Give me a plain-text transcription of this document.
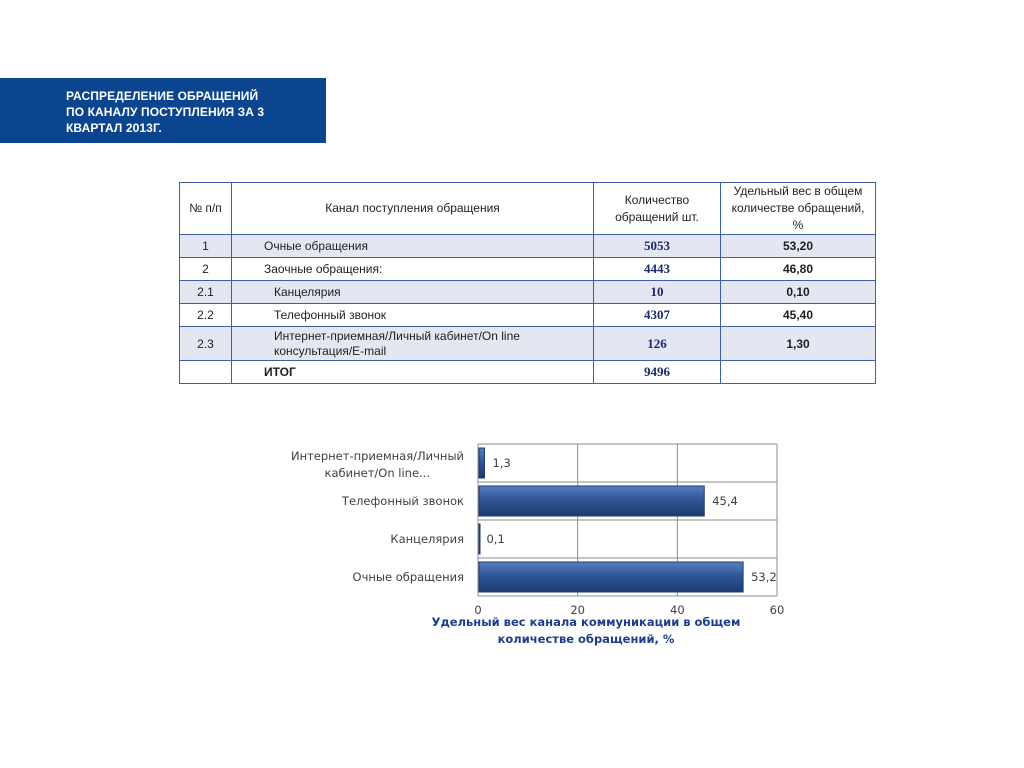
РАСПРЕДЕЛЕНИЕ ОБРАЩЕНИЙ
ПО КАНАЛУ ПОСТУПЛЕНИЯ ЗА 3
КВАРТАЛ 2013Г.
№ п/п	Канал поступления обращения	Количество обращений шт.	Удельный вес в общем количестве обращений, %
1	Очные обращения	5053	53,20
2	Заочные обращения:	4443	46,80
2.1	Канцелярия	10	0,10
2.2	Телефонный звонок	4307	45,40
2.3	Интернет-приемная/Личный кабинет/On line консультация/E-mail	126	1,30
	ИТОГ	9496	
0	20	40	60
1,3
Интернет-приемная/Личный
кабинет/On line...
45,4
Телефонный звонок
0,1
Канцелярия
53,2
Очные обращения
Удельный вес канала коммуникации в общем
количестве обращений, %
